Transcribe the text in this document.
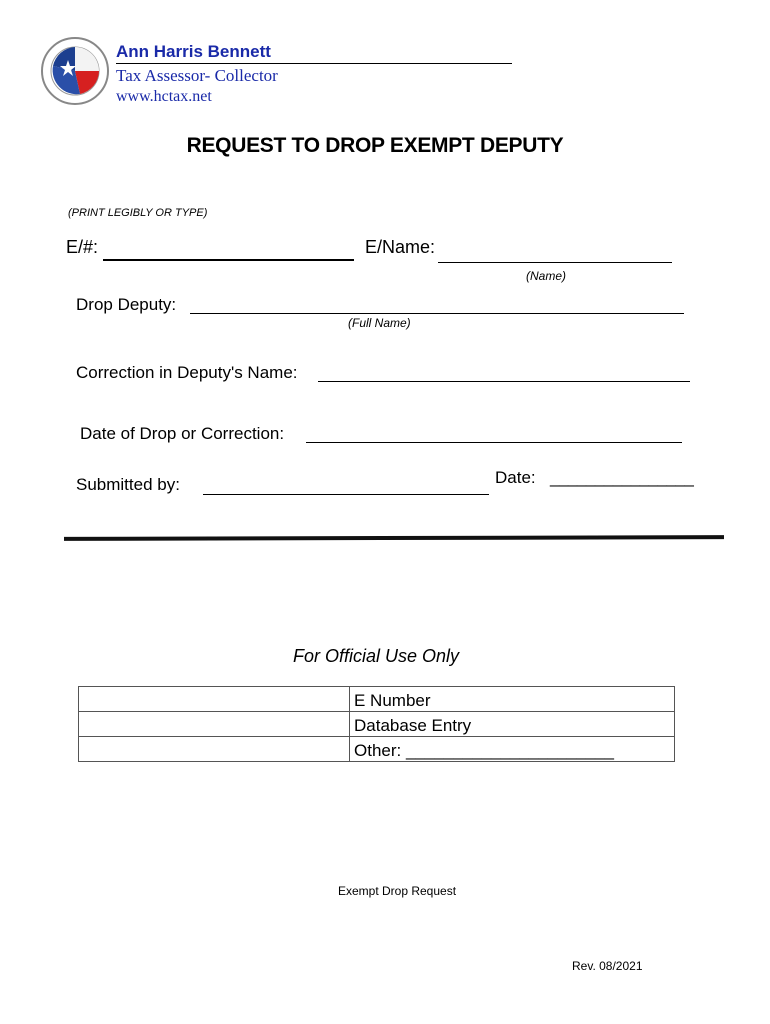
Ann Harris Bennett
Tax Assessor- Collector
www.hctax.net
REQUEST TO DROP EXEMPT DEPUTY
(PRINT LEGIBLY OR TYPE)
E/#:	E/Name:
(Name)
Drop Deputy:
(Full Name)
Correction in Deputy's Name:
Date of Drop or Correction:
Submitted by:	Date: ________________
For Official Use Only
	E Number
	Database Entry
	Other: ______________________
Exempt Drop Request
Rev. 08/2021
